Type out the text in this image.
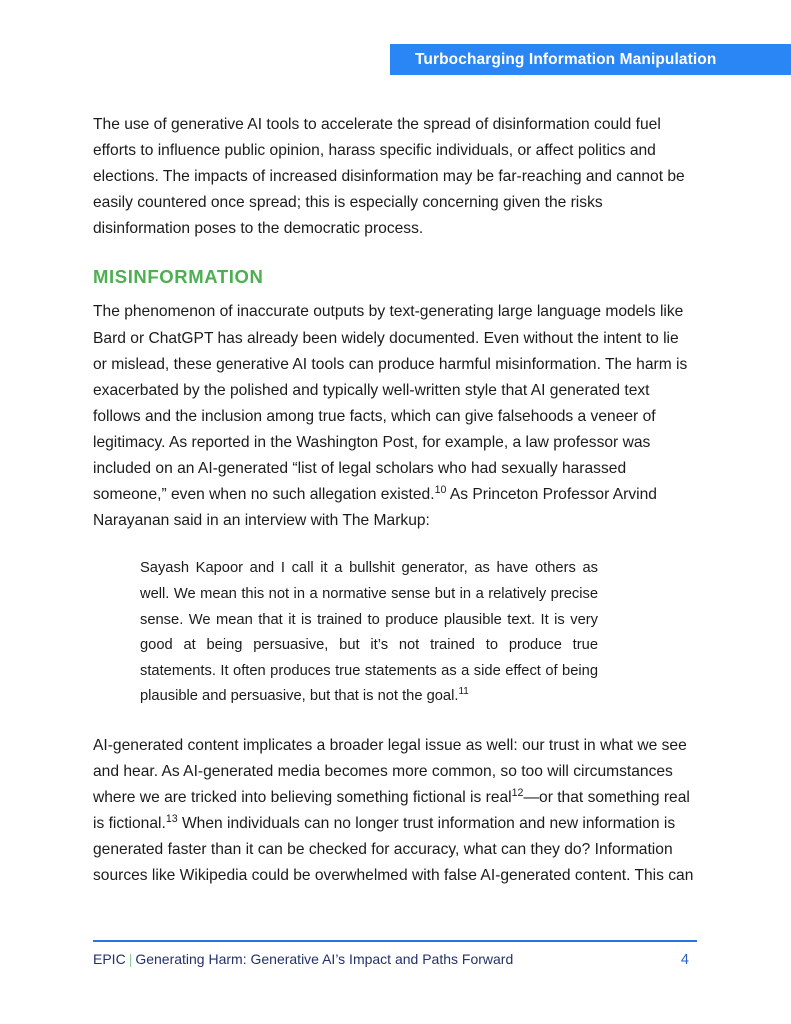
Turbocharging Information Manipulation

The use of generative AI tools to accelerate the spread of disinformation could fuel efforts to influence public opinion, harass specific individuals, or affect politics and elections. The impacts of increased disinformation may be far-reaching and cannot be easily countered once spread; this is especially concerning given the risks disinformation poses to the democratic process.

MISINFORMATION

The phenomenon of inaccurate outputs by text-generating large language models like Bard or ChatGPT has already been widely documented. Even without the intent to lie or mislead, these generative AI tools can produce harmful misinformation. The harm is exacerbated by the polished and typically well-written style that AI generated text follows and the inclusion among true facts, which can give falsehoods a veneer of legitimacy. As reported in the Washington Post, for example, a law professor was included on an AI-generated “list of legal scholars who had sexually harassed someone,” even when no such allegation existed.$^{10}$ As Princeton Professor Arvind Narayanan said in an interview with The Markup:

Sayash Kapoor and I call it a bullshit generator, as have others as well. We mean this not in a normative sense but in a relatively precise sense. We mean that it is trained to produce plausible text. It is very good at being persuasive, but it’s not trained to produce true statements. It often produces true statements as a side effect of being plausible and persuasive, but that is not the goal.$^{11}$

AI-generated content implicates a broader legal issue as well: our trust in what we see and hear. As AI-generated media becomes more common, so too will circumstances where we are tricked into believing something fictional is real$^{12}$—or that something real is fictional.$^{13}$ When individuals can no longer trust information and new information is generated faster than it can be checked for accuracy, what can they do? Information sources like Wikipedia could be overwhelmed with false AI-generated content. This can

EPIC | Generating Harm: Generative AI’s Impact and Paths Forward	4
